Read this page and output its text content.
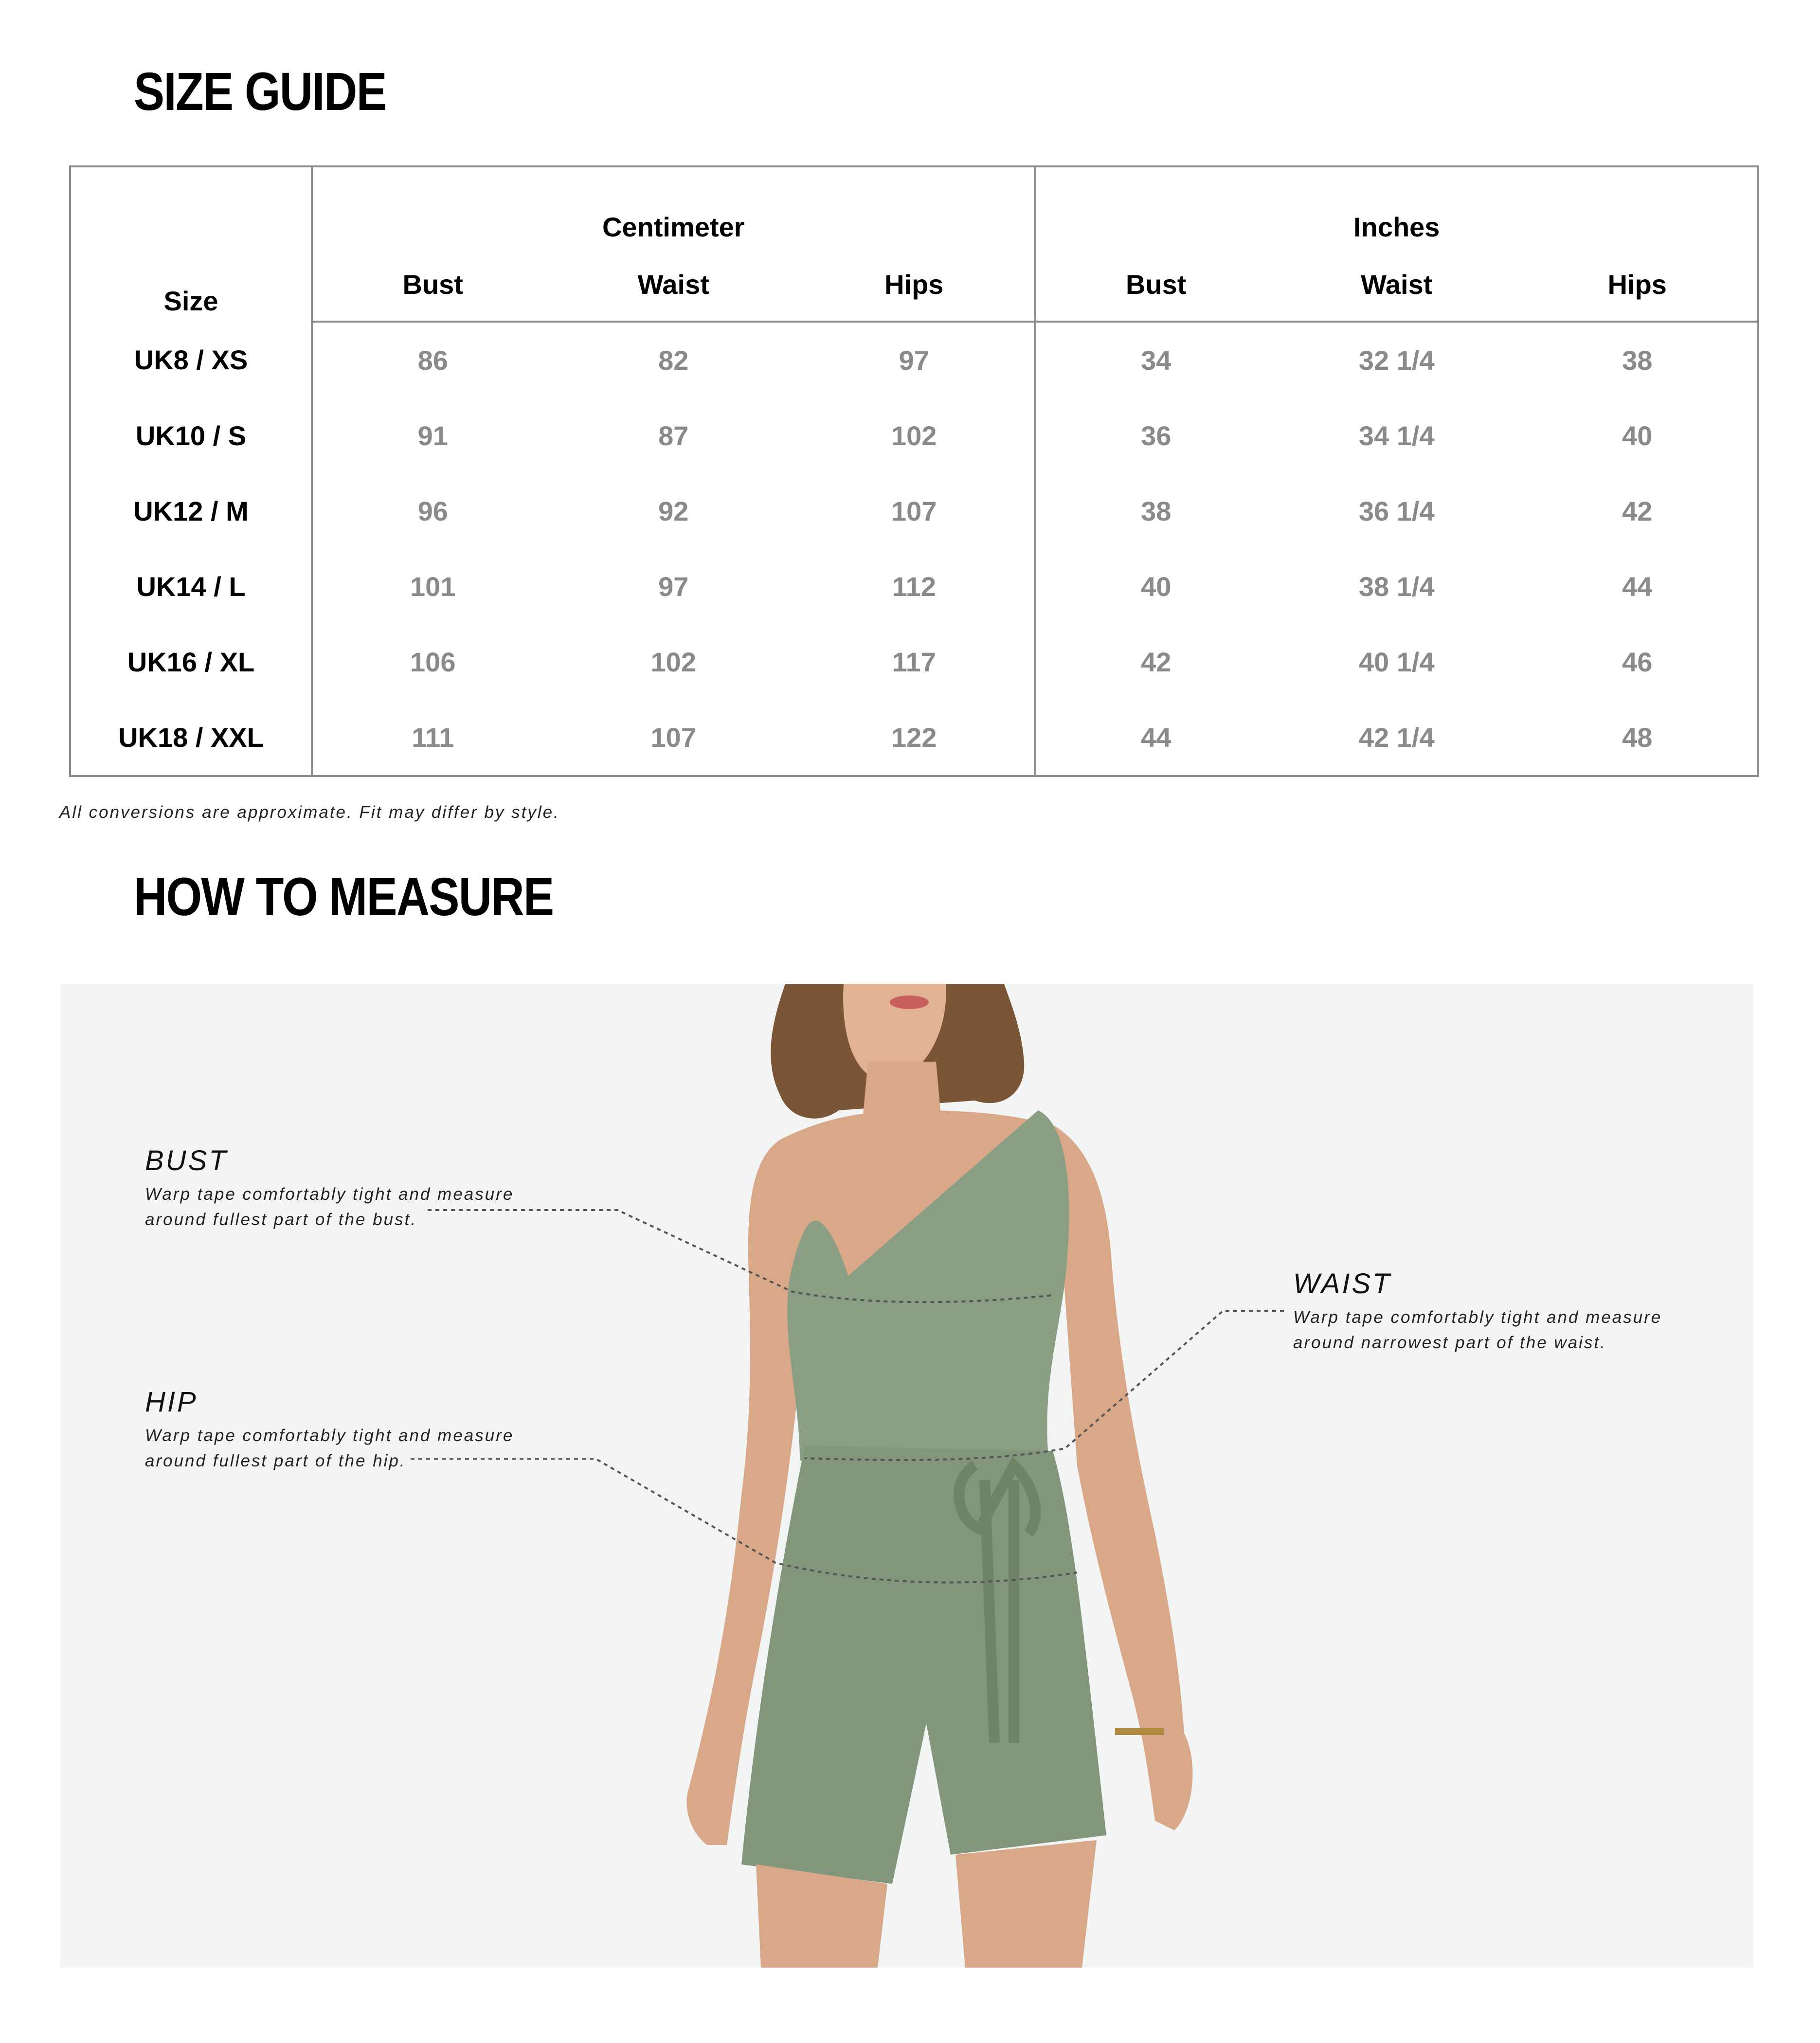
SIZE GUIDE
Size	Centimeter			Inches		
	Bust	Waist	Hips	Bust	Waist	Hips
UK8 / XS	86	82	97	34	32 1/4	38
UK10 / S	91	87	102	36	34 1/4	40
UK12 / M	96	92	107	38	36 1/4	42
UK14 / L	101	97	112	40	38 1/4	44
UK16 / XL	106	102	117	42	40 1/4	46
UK18 / XXL	111	107	122	44	42 1/4	48

All conversions are approximate. Fit may differ by style.

HOW TO MEASURE
BUST

Warp tape comfortably tight and measure
around fullest part of the bust.

HIP

Warp tape comfortably tight and measure
around fullest part of the hip.

WAIST

Warp tape comfortably tight and measure
around narrowest part of the waist.
